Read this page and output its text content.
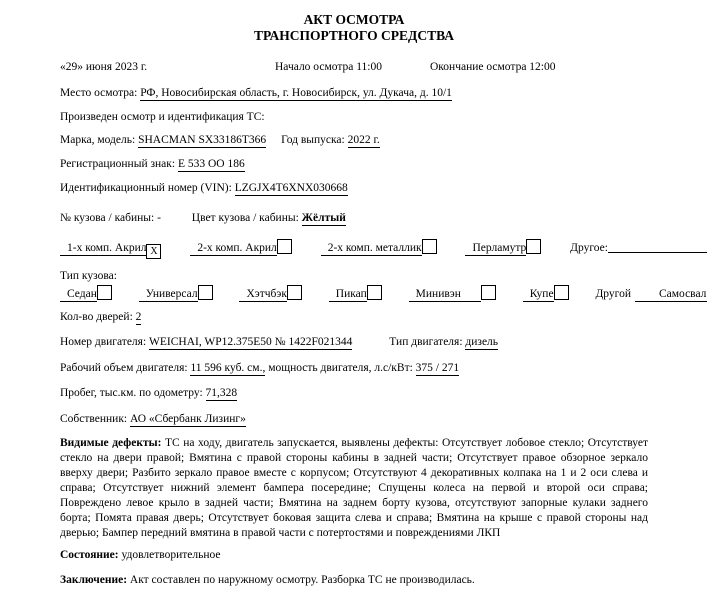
АКТ ОСМОТРА
ТРАНСПОРТНОГО СРЕДСТВА
«29» июня 2023 г.	Начало осмотра 11:00	Окончание осмотра 12:00
Место осмотра: РФ, Новосибирская область, г. Новосибирск, ул. Дукача, д. 10/1
Произведен осмотр и идентификация ТС:
Марка, модель: SHACMAN SX33186T366 Год выпуска: 2022 г.
Регистрационный знак: Е 533 ОО 186
Идентификационный номер (VIN): LZGJX4T6XNX030668
№ кузова / кабины: -	Цвет кузова / кабины: Жёлтый
1-х комп. Акрил X	2-х комп. Акрил	2-х комп. металлик	Перламутр	Другое:
Тип кузова:
Седан	Универсал	Хэтчбэк	Пикап	Минивэн	Купе	Другой Самосвал
Кол-во дверей: 2
Номер двигателя: WEICHAI, WP12.375E50 № 1422F021344	Тип двигателя: дизель
Рабочий объем двигателя: 11 596 куб. см., мощность двигателя, л.с/кВт: 375 / 271
Пробег, тыс.км. по одометру: 71,328
Собственник: АО «Сбербанк Лизинг»
Видимые дефекты: ТС на ходу, двигатель запускается, выявлены дефекты: Отсутствует лобовое стекло; Отсутствует стекло на двери правой; Вмятина с правой стороны кабины в задней части; Отсутствует правое обзорное зеркало вверху двери; Разбито зеркало правое вместе с корпусом; Отсутствуют 4 декоративных колпака на 1 и 2 оси слева и справа; Отсутствует нижний элемент бампера посередине; Спущены колеса на первой и второй оси справа; Повреждено левое крыло в задней части; Вмятина на заднем борту кузова, отсутствуют запорные кулаки заднего борта; Помята правая дверь; Отсутствует боковая защита слева и справа; Вмятина на крыше с правой стороны над дверью; Бампер передний вмятина в правой части с потертостями и повреждениями ЛКП
Состояние: удовлетворительное
Заключение: Акт составлен по наружному осмотру. Разборка ТС не производилась.
